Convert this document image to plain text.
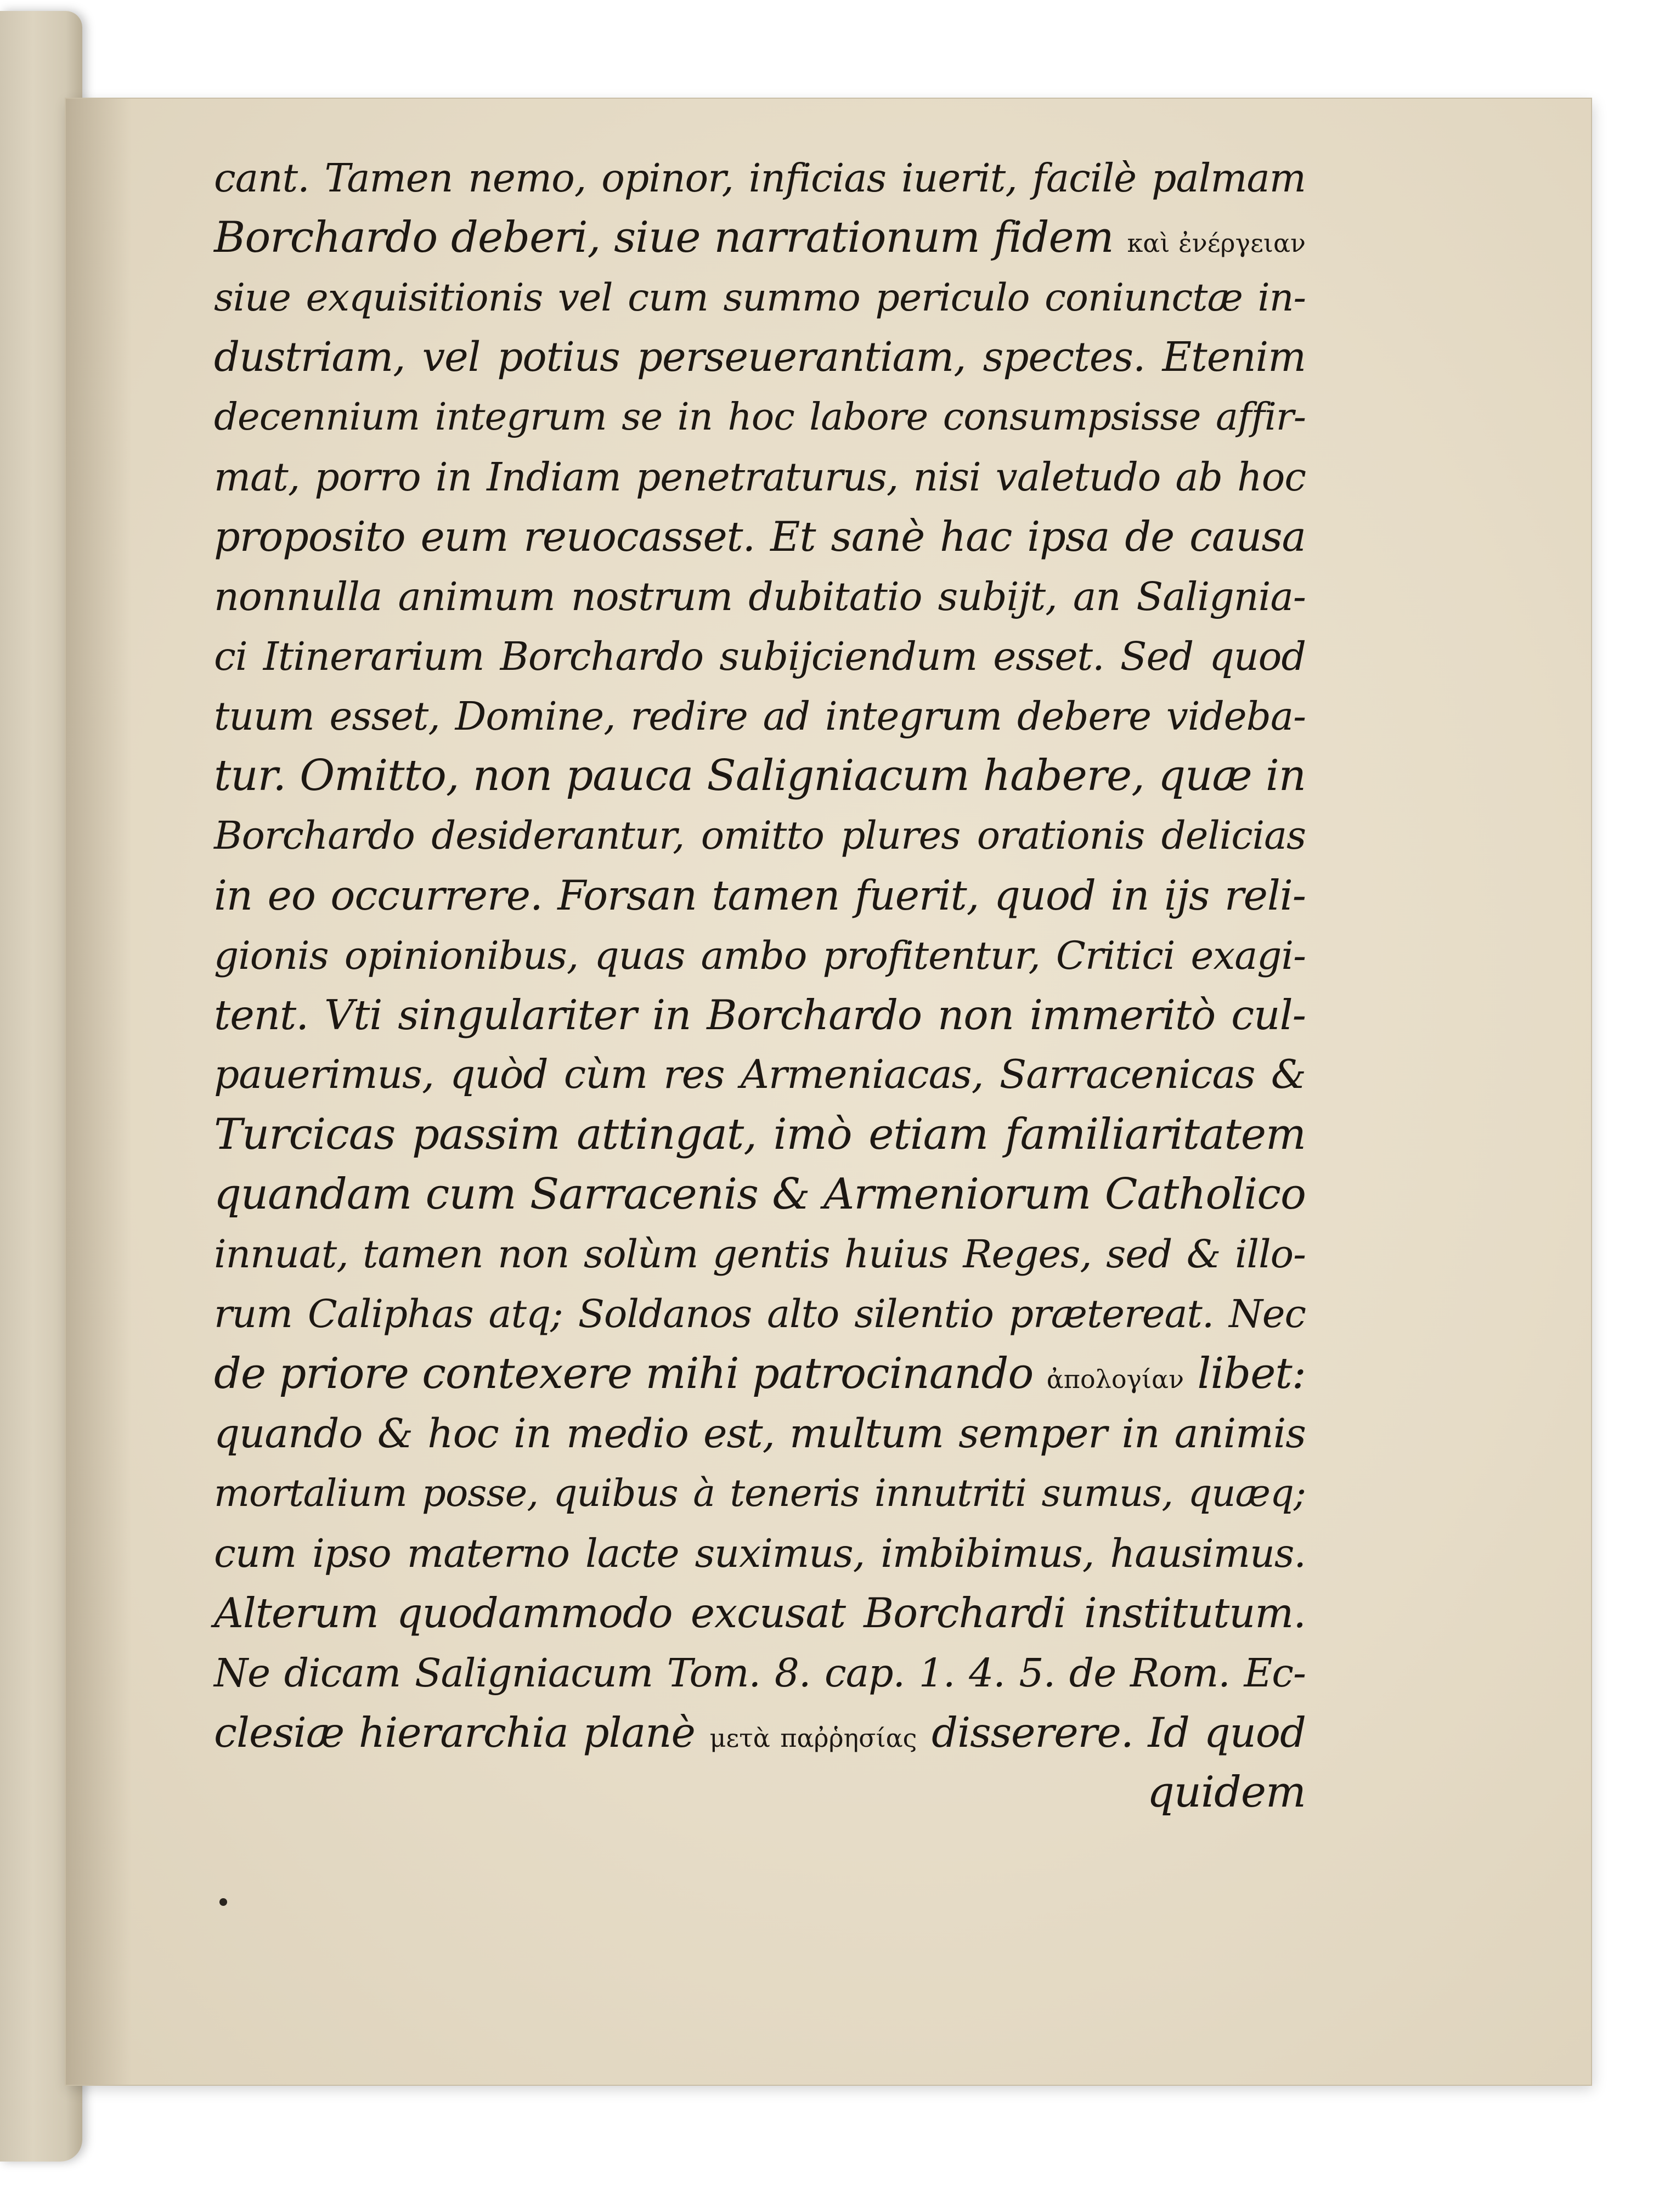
cant. Tamen nemo, opinor, inficias iuerit, facilè palmam
Borchardo deberi, siue narrationum fidem καὶ ἐνέργειαν
siue exquisitionis vel cum summo periculo coniunctæ in-
dustriam, vel potius perseuerantiam, spectes. Etenim
decennium integrum se in hoc labore consumpsisse affir-
mat, porro in Indiam penetraturus, nisi valetudo ab hoc
proposito eum reuocasset. Et sanè hac ipsa de causa
nonnulla animum nostrum dubitatio subijt, an Salignia-
ci Itinerarium Borchardo subijciendum esset. Sed quod
tuum esset, Domine, redire ad integrum debere videba-
tur. Omitto, non pauca Saligniacum habere, quæ in
Borchardo desiderantur, omitto plures orationis delicias
in eo occurrere. Forsan tamen fuerit, quod in ijs reli-
gionis opinionibus, quas ambo profitentur, Critici exagi-
tent. Vti singulariter in Borchardo non immeritò cul-
pauerimus, quòd cùm res Armeniacas, Sarracenicas &
Turcicas passim attingat, imò etiam familiaritatem
quandam cum Sarracenis & Armeniorum Catholico
innuat, tamen non solùm gentis huius Reges, sed & illo-
rum Caliphas atq; Soldanos alto silentio prætereat. Nec
de priore contexere mihi patrocinando ἀπολογίαν libet:
quando & hoc in medio est, multum semper in animis
mortalium posse, quibus à teneris innutriti sumus, quæq;
cum ipso materno lacte suximus, imbibimus, hausimus.
Alterum quodammodo excusat Borchardi institutum.
Ne dicam Saligniacum Tom. 8. cap. 1. 4. 5. de Rom. Ec-
clesiæ hierarchia planè μετὰ παῤῥησίας disserere. Id quod
quidem
